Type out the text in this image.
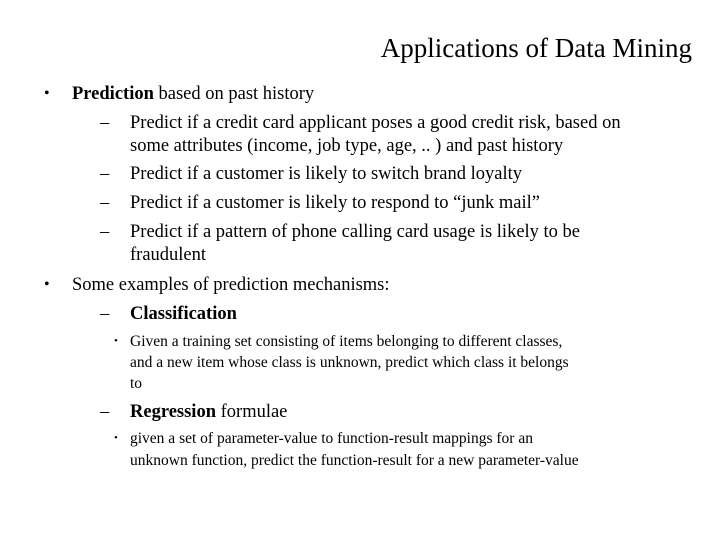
Applications of Data Mining
• Prediction based on past history
– Predict if a credit card applicant poses a good credit risk, based on
some attributes (income, job type, age, .. ) and past history
– Predict if a customer is likely to switch brand loyalty
– Predict if a customer is likely to respond to “junk mail”
– Predict if a pattern of phone calling card usage is likely to be
fraudulent
• Some examples of prediction mechanisms:
– Classification
• Given a training set consisting of items belonging to different classes,
and a new item whose class is unknown, predict which class it belongs
to
– Regression formulae
• given a set of parameter-value to function-result mappings for an
unknown function, predict the function-result for a new parameter-value
